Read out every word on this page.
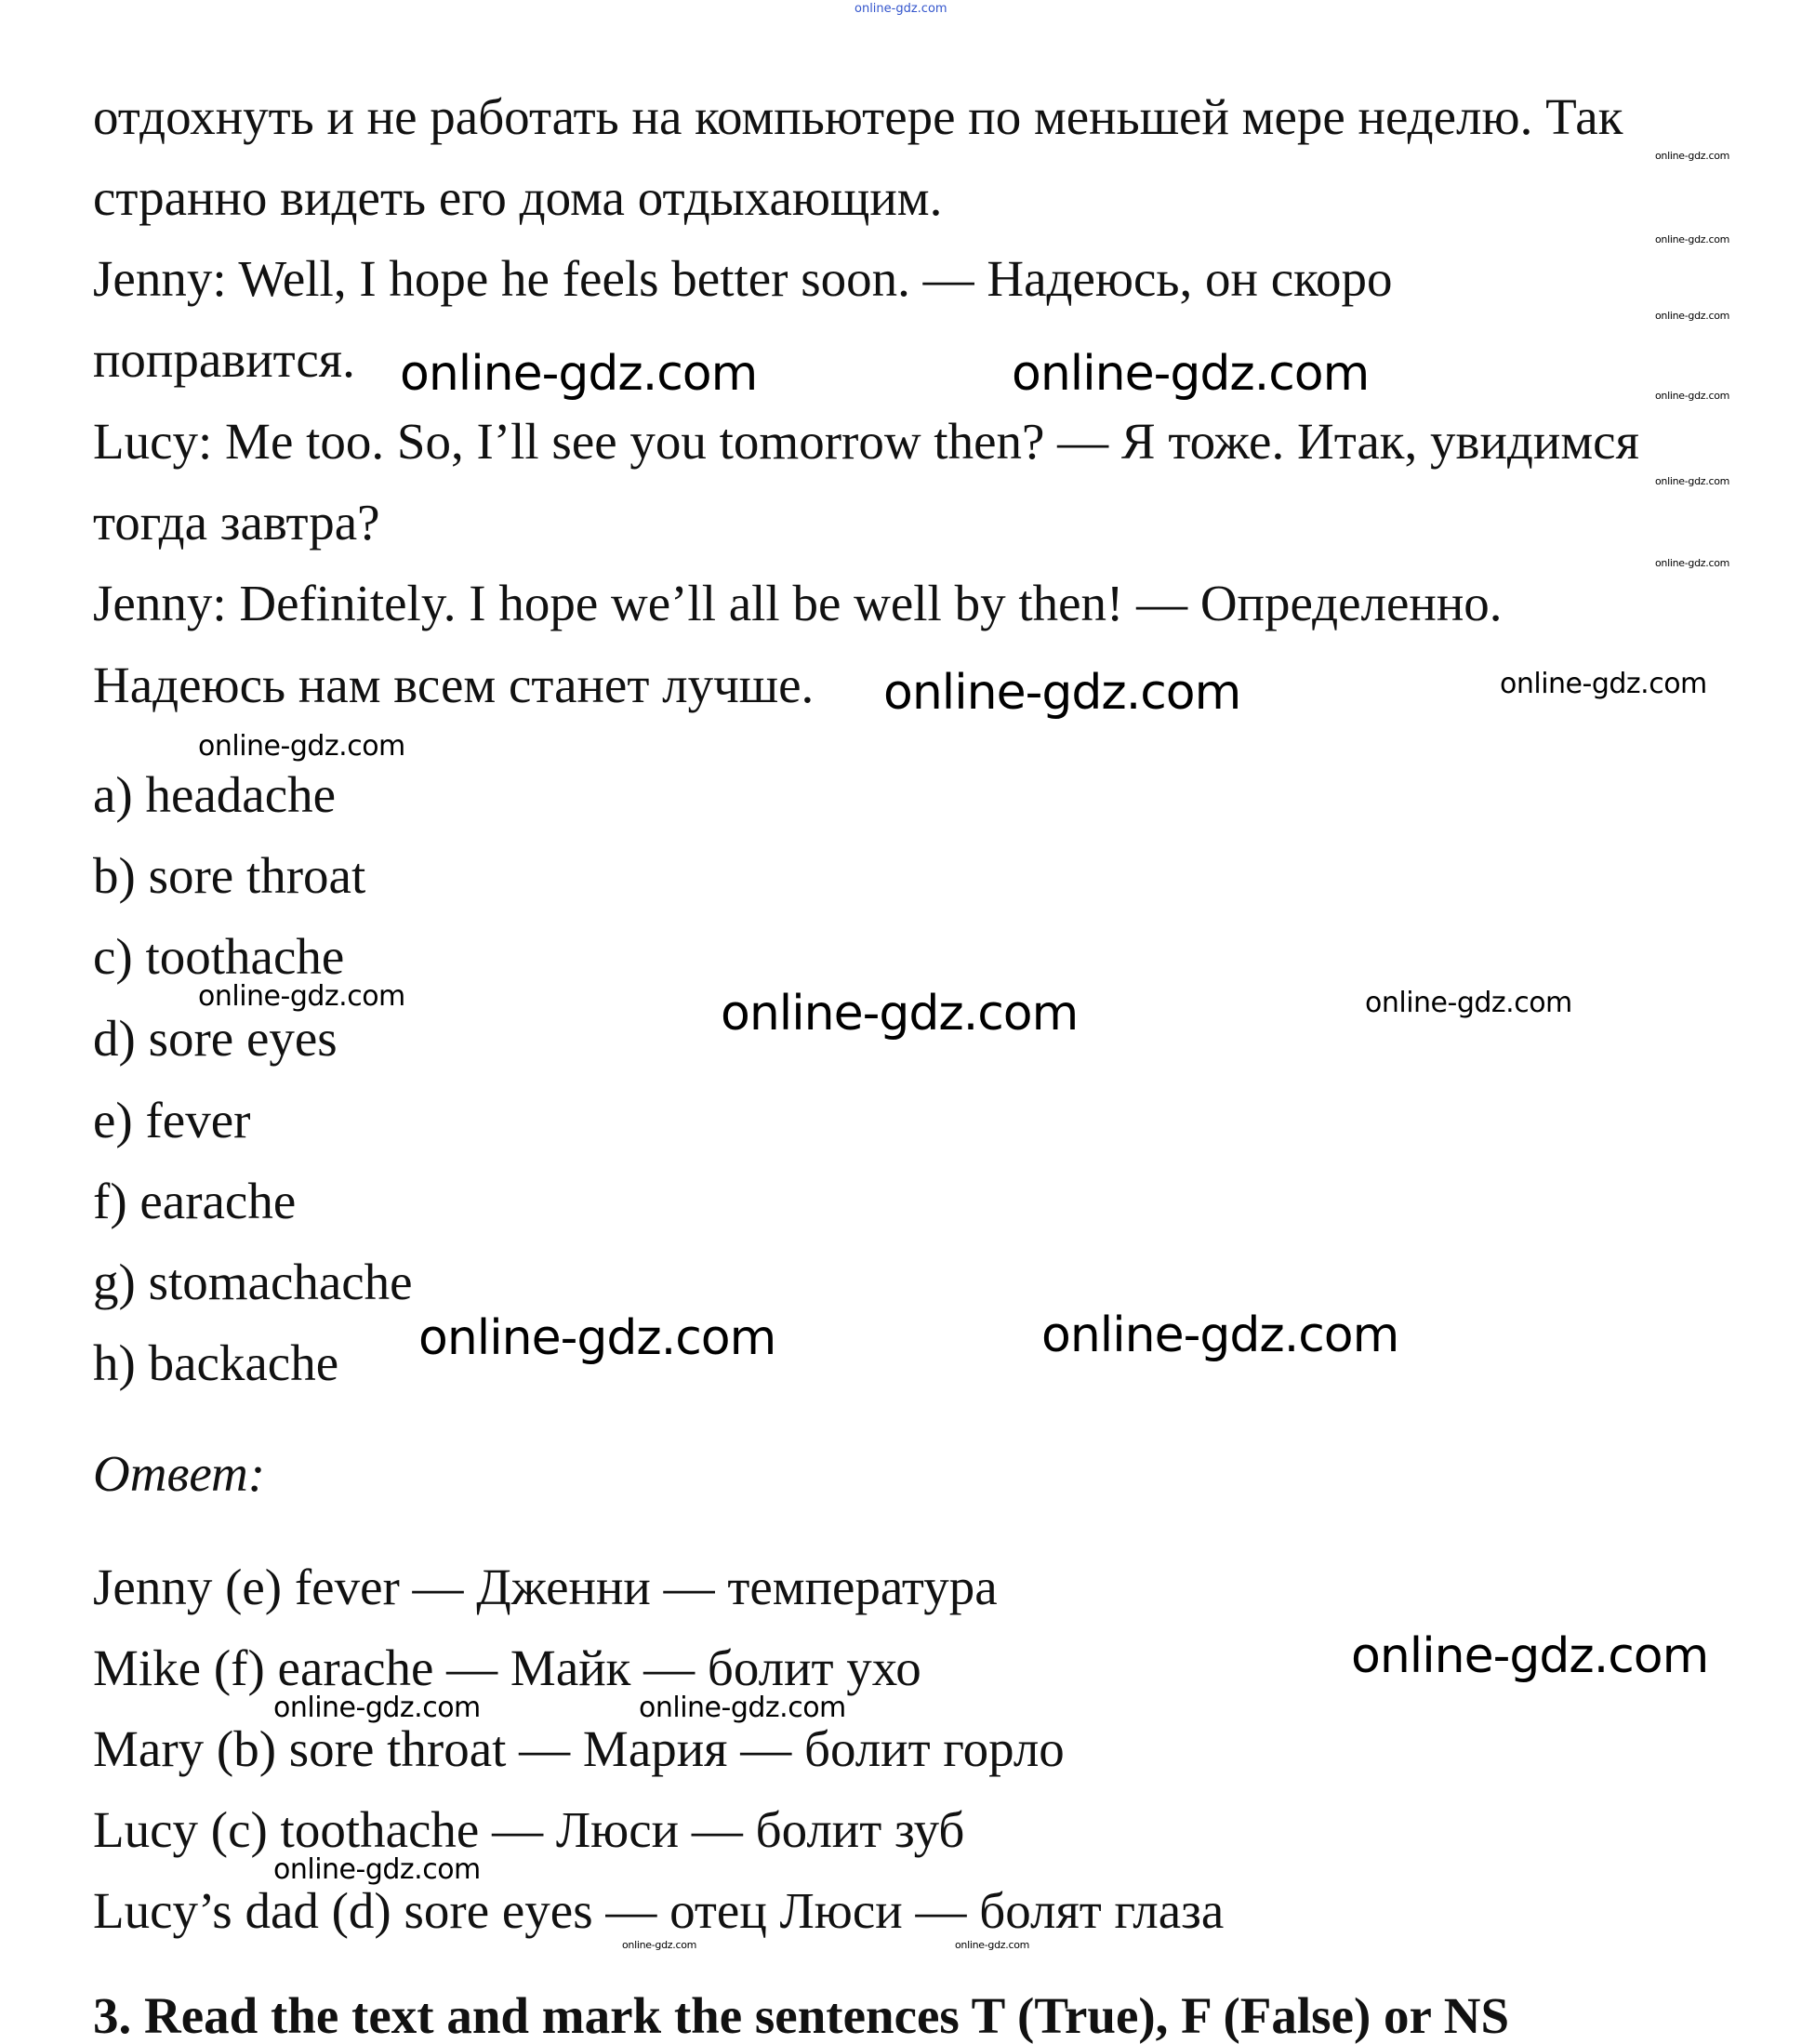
online-gdz.com
отдохнуть и не работать на компьютере по меньшей мере неделю. Так
странно видеть его дома отдыхающим.
Jenny: Well, I hope he feels better soon. — Надеюсь, он скоро
поправится.
Lucy: Me too. So, I’ll see you tomorrow then? — Я тоже. Итак, увидимся
тогда завтра?
Jenny: Definitely. I hope we’ll all be well by then! — Определенно.
Надеюсь нам всем станет лучше.
a) headache
b) sore throat
c) toothache
d) sore eyes
e) fever
f) earache
g) stomachache
h) backache
Ответ:
Jenny (e) fever — Дженни — температура
Mike (f) earache — Майк — болит ухо
Mary (b) sore throat — Мария — болит горло
Lucy (c) toothache — Люси — болит зуб
Lucy’s dad (d) sore eyes — отец Люси — болят глаза
3. Read the text and mark the sentences T (True), F (False) or NS
online-gdz.com	online-gdz.com
online-gdz.com	online-gdz.com
online-gdz.com
online-gdz.com	online-gdz.com	online-gdz.com
online-gdz.com	online-gdz.com
online-gdz.com
online-gdz.com	online-gdz.com
online-gdz.com
online-gdz.com	online-gdz.com
online-gdz.com
online-gdz.com
online-gdz.com
online-gdz.com
online-gdz.com
online-gdz.com
